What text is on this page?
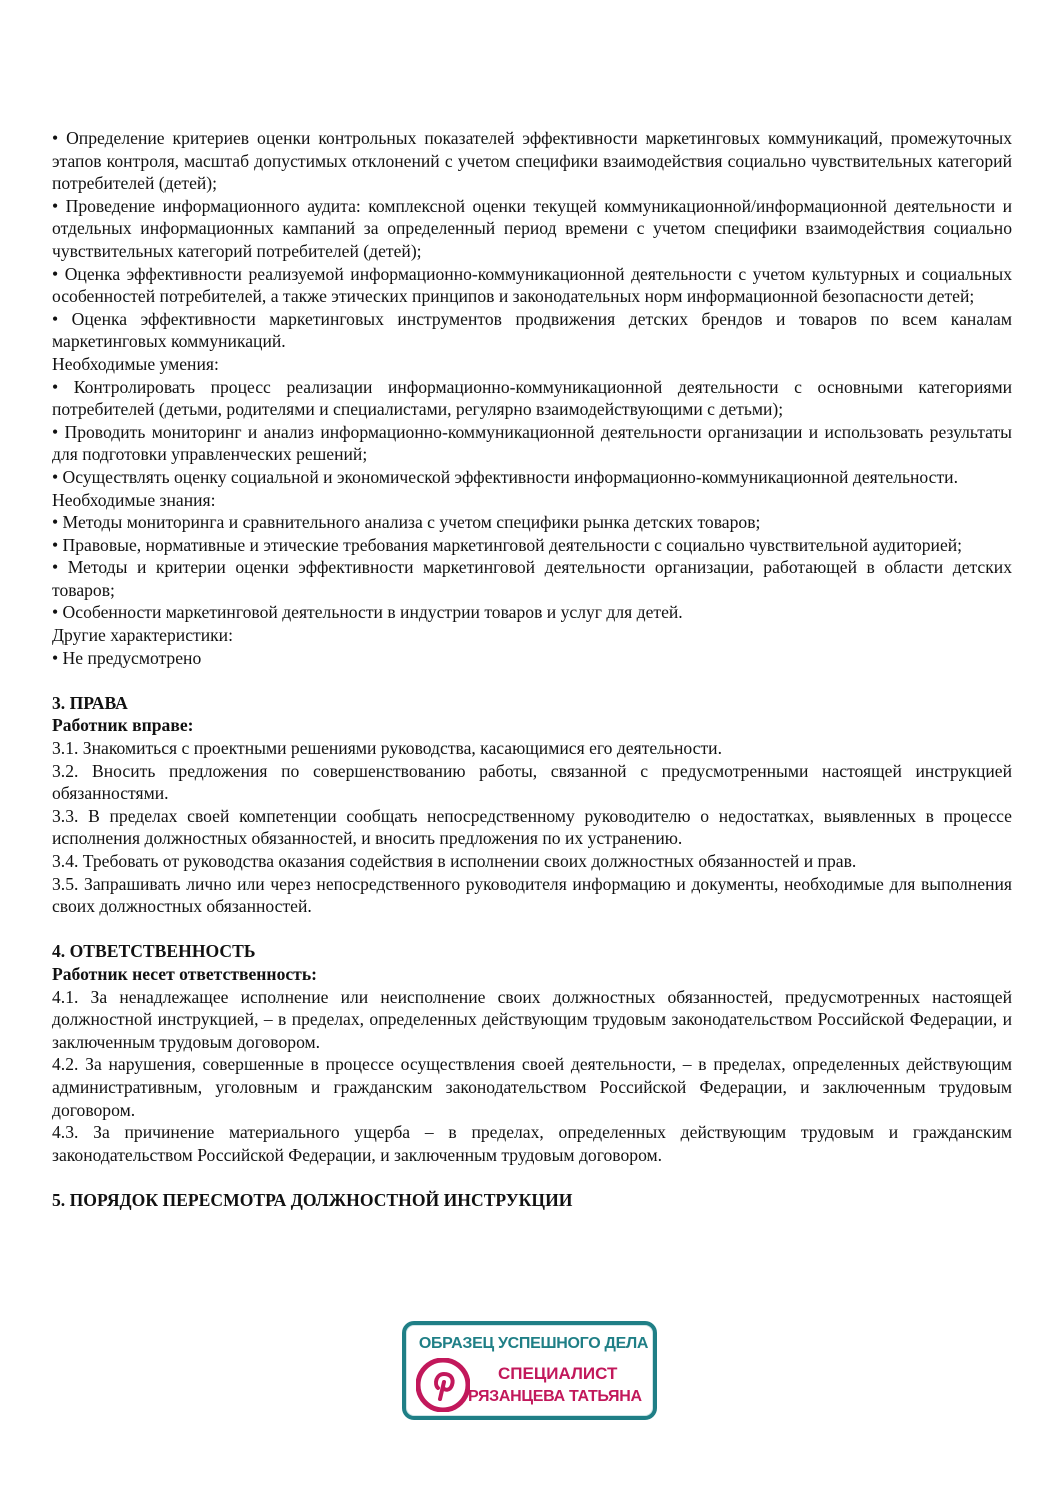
• Определение критериев оценки контрольных показателей эффективности маркетинговых коммуникаций, промежуточных этапов контроля, масштаб допустимых отклонений с учетом специфики взаимодействия социально чувствительных категорий потребителей (детей);

• Проведение информационного аудита: комплексной оценки текущей коммуникационной/информационной деятельности и отдельных информационных кампаний за определенный период времени с учетом специфики взаимодействия социально чувствительных категорий потребителей (детей);

• Оценка эффективности реализуемой информационно-коммуникационной деятельности с учетом культурных и социальных особенностей потребителей, а также этических принципов и законодательных норм информационной безопасности детей;

• Оценка эффективности маркетинговых инструментов продвижения детских брендов и товаров по всем каналам маркетинговых коммуникаций.

Необходимые умения:

• Контролировать процесс реализации информационно-коммуникационной деятельности с основными категориями потребителей (детьми, родителями и специалистами, регулярно взаимодействующими с детьми);

• Проводить мониторинг и анализ информационно-коммуникационной деятельности организации и использовать результаты для подготовки управленческих решений;

• Осуществлять оценку социальной и экономической эффективности информационно-коммуникационной деятельности.

Необходимые знания:

• Методы мониторинга и сравнительного анализа с учетом специфики рынка детских товаров;

• Правовые, нормативные и этические требования маркетинговой деятельности с социально чувствительной аудиторией;

• Методы и критерии оценки эффективности маркетинговой деятельности организации, работающей в области детских товаров;

• Особенности маркетинговой деятельности в индустрии товаров и услуг для детей.

Другие характеристики:

• Не предусмотрено

3. ПРАВА

Работник вправе:

3.1. Знакомиться с проектными решениями руководства, касающимися его деятельности.

3.2. Вносить предложения по совершенствованию работы, связанной с предусмотренными настоящей инструкцией обязанностями.

3.3. В пределах своей компетенции сообщать непосредственному руководителю о недостатках, выявленных в процессе исполнения должностных обязанностей, и вносить предложения по их устранению.

3.4. Требовать от руководства оказания содействия в исполнении своих должностных обязанностей и прав.

3.5. Запрашивать лично или через непосредственного руководителя информацию и документы, необходимые для выполнения своих должностных обязанностей.

4. ОТВЕТСТВЕННОСТЬ

Работник несет ответственность:

4.1. За ненадлежащее исполнение или неисполнение своих должностных обязанностей, предусмотренных настоящей должностной инструкцией, – в пределах, определенных действующим трудовым законодательством Российской Федерации, и заключенным трудовым договором.

4.2. За нарушения, совершенные в процессе осуществления своей деятельности, – в пределах, определенных действующим административным, уголовным и гражданским законодательством Российской Федерации, и заключенным трудовым договором.

4.3. За причинение материального ущерба – в пределах, определенных действующим трудовым и гражданским законодательством Российской Федерации, и заключенным трудовым договором.

5. ПОРЯДОК ПЕРЕСМОТРА ДОЛЖНОСТНОЙ ИНСТРУКЦИИ

ОБРАЗЕЦ УСПЕШНОГО ДЕЛА
СПЕЦИАЛИСТ
РЯЗАНЦЕВА ТАТЬЯНА
